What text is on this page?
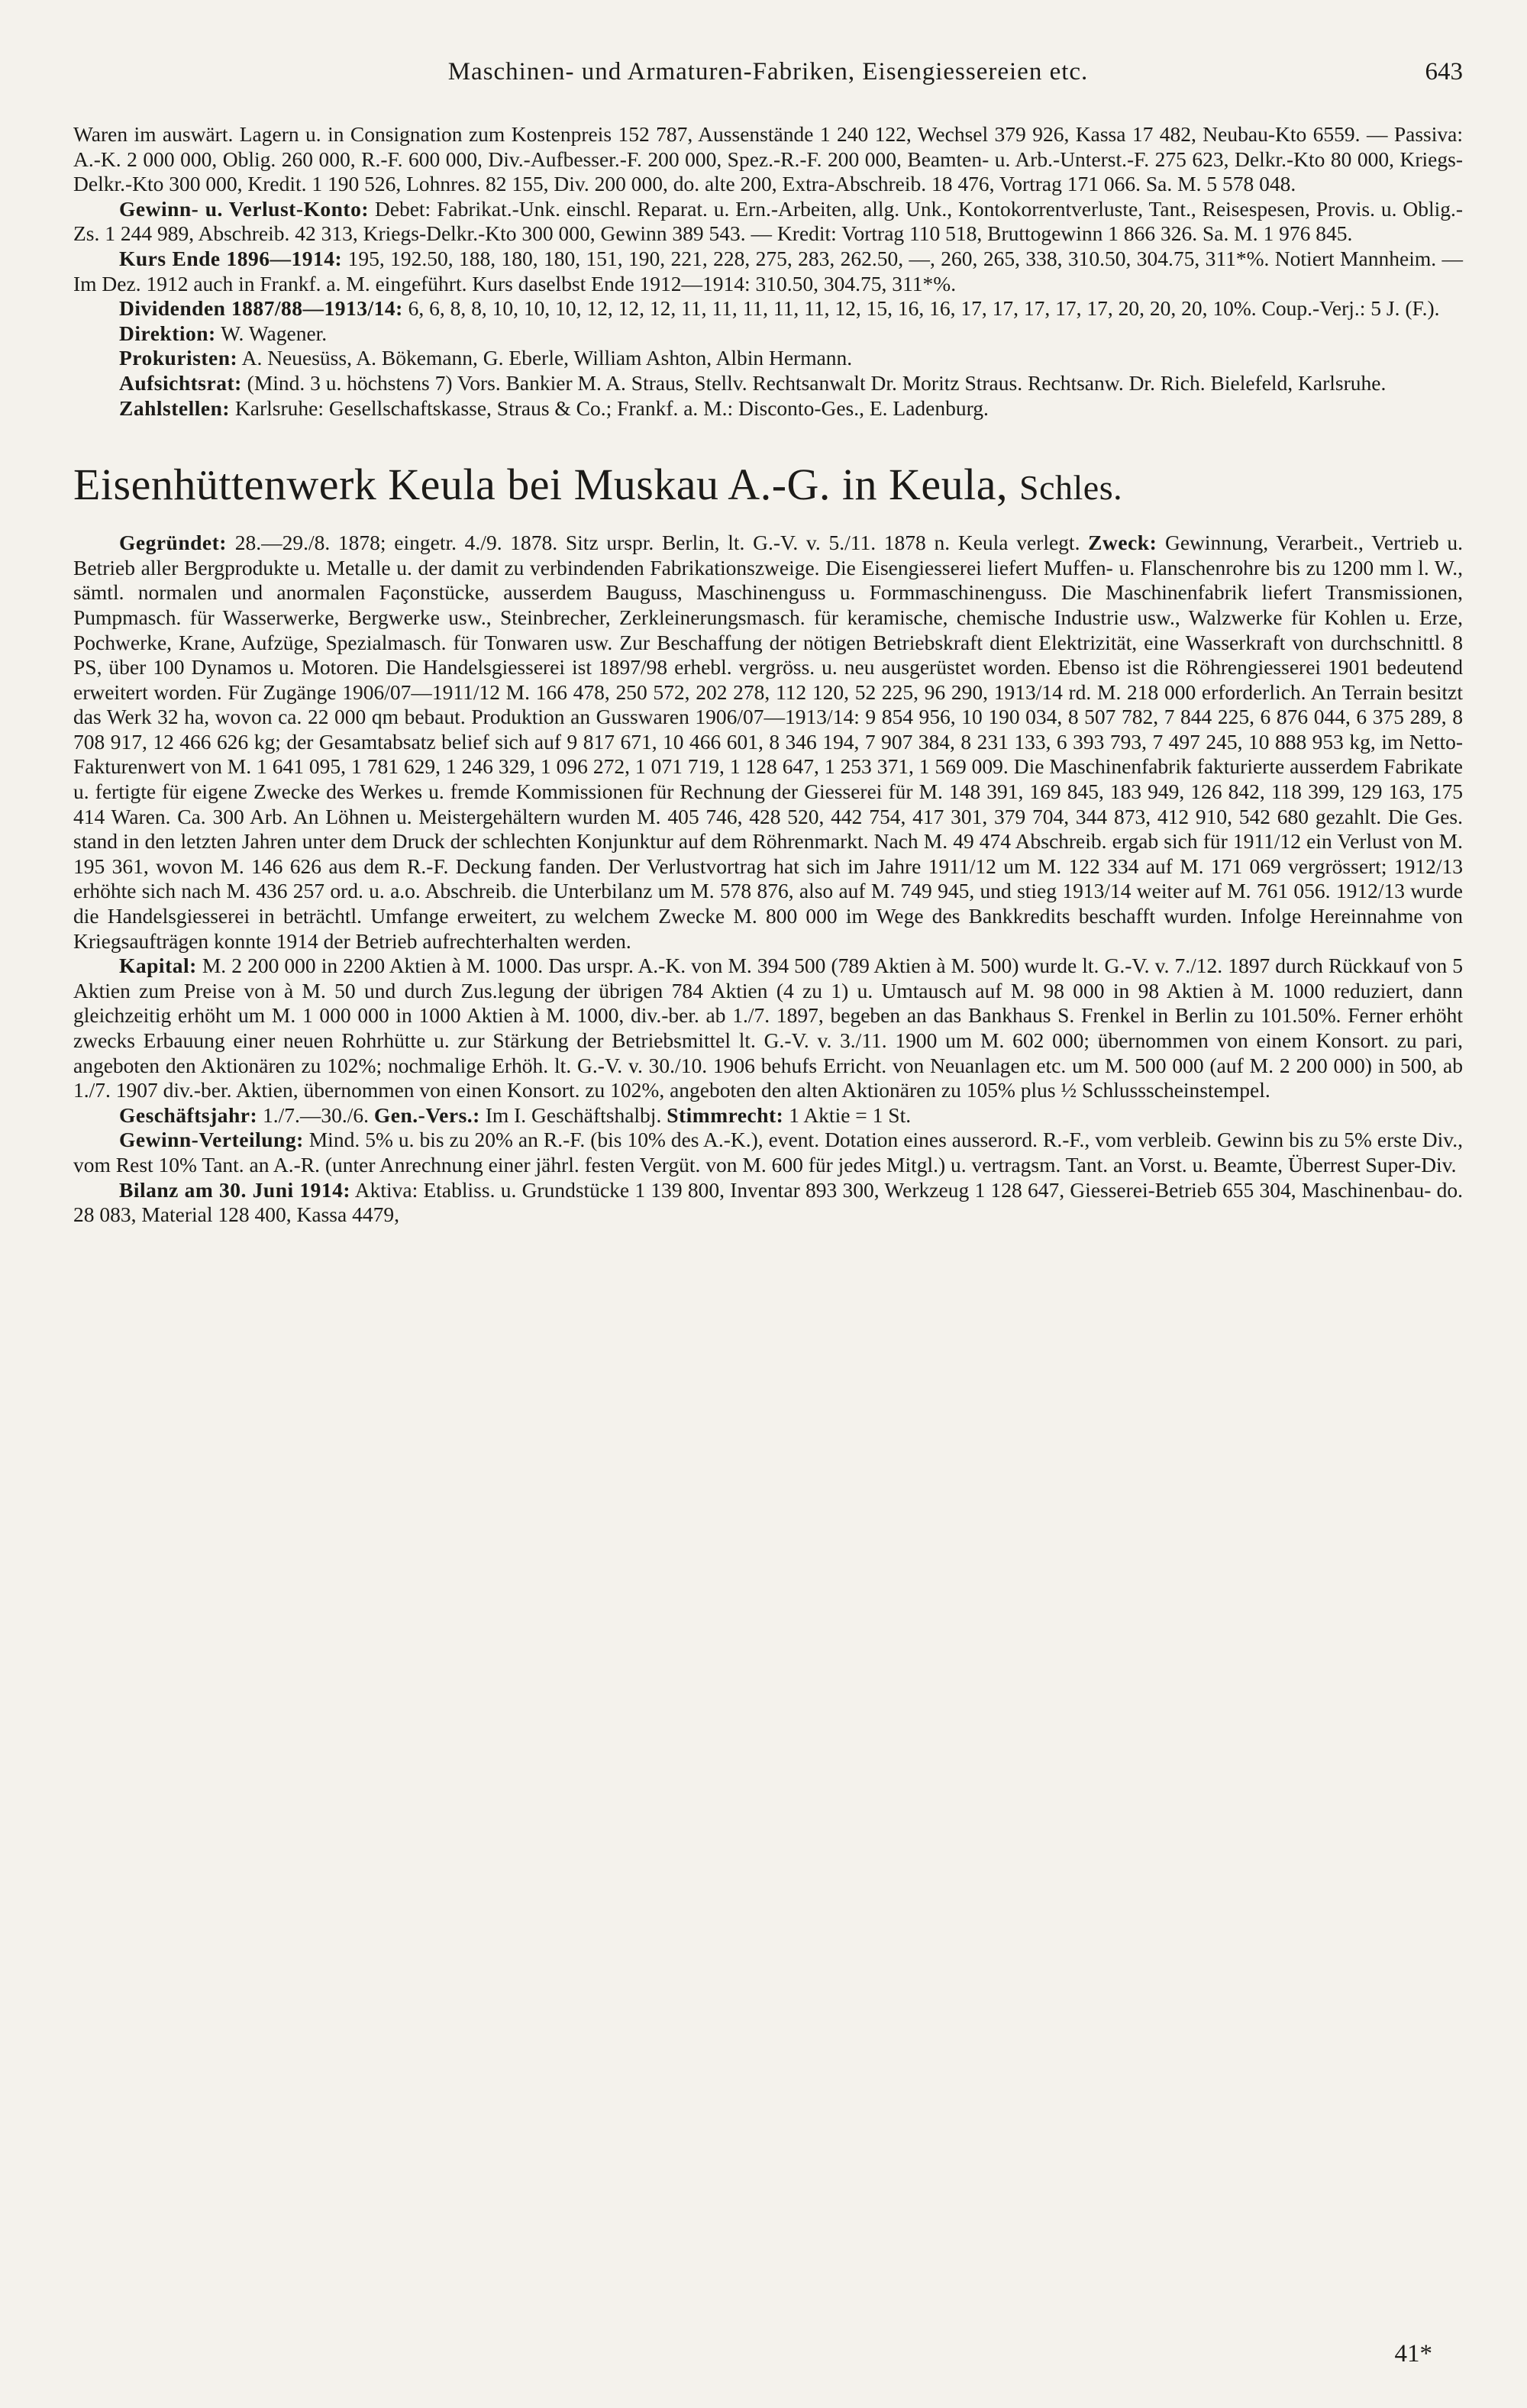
Maschinen- und Armaturen-Fabriken, Eisengiessereien etc.	643

Waren im auswärt. Lagern u. in Consignation zum Kostenpreis 152 787, Aussenstände 1 240 122, Wechsel 379 926, Kassa 17 482, Neubau-Kto 6559. — Passiva: A.-K. 2 000 000, Oblig. 260 000, R.-F. 600 000, Div.-Aufbesser.-F. 200 000, Spez.-R.-F. 200 000, Beamten- u. Arb.-Unterst.-F. 275 623, Delkr.-Kto 80 000, Kriegs-Delkr.-Kto 300 000, Kredit. 1 190 526, Lohnres. 82 155, Div. 200 000, do. alte 200, Extra-Abschreib. 18 476, Vortrag 171 066. Sa. M. 5 578 048.

Gewinn- u. Verlust-Konto: Debet: Fabrikat.-Unk. einschl. Reparat. u. Ern.-Arbeiten, allg. Unk., Kontokorrentverluste, Tant., Reisespesen, Provis. u. Oblig.-Zs. 1 244 989, Abschreib. 42 313, Kriegs-Delkr.-Kto 300 000, Gewinn 389 543. — Kredit: Vortrag 110 518, Bruttogewinn 1 866 326. Sa. M. 1 976 845.

Kurs Ende 1896—1914: 195, 192.50, 188, 180, 180, 151, 190, 221, 228, 275, 283, 262.50, —, 260, 265, 338, 310.50, 304.75, 311*%. Notiert Mannheim. — Im Dez. 1912 auch in Frankf. a. M. eingeführt. Kurs daselbst Ende 1912—1914: 310.50, 304.75, 311*%.

Dividenden 1887/88—1913/14: 6, 6, 8, 8, 10, 10, 10, 12, 12, 12, 11, 11, 11, 11, 11, 12, 15, 16, 16, 17, 17, 17, 17, 17, 20, 20, 20, 10%. Coup.-Verj.: 5 J. (F.).

Direktion: W. Wagener.

Prokuristen: A. Neuesüss, A. Bökemann, G. Eberle, William Ashton, Albin Hermann.

Aufsichtsrat: (Mind. 3 u. höchstens 7) Vors. Bankier M. A. Straus, Stellv. Rechtsanwalt Dr. Moritz Straus. Rechtsanw. Dr. Rich. Bielefeld, Karlsruhe.

Zahlstellen: Karlsruhe: Gesellschaftskasse, Straus & Co.; Frankf. a. M.: Disconto-Ges., E. Ladenburg.

Eisenhüttenwerk Keula bei Muskau A.-G. in Keula, Schles.

Gegründet: 28.—29./8. 1878; eingetr. 4./9. 1878. Sitz urspr. Berlin, lt. G.-V. v. 5./11. 1878 n. Keula verlegt. Zweck: Gewinnung, Verarbeit., Vertrieb u. Betrieb aller Bergprodukte u. Metalle u. der damit zu verbindenden Fabrikationszweige. Die Eisengiesserei liefert Muffen- u. Flanschenrohre bis zu 1200 mm l. W., sämtl. normalen und anormalen Façonstücke, ausserdem Bauguss, Maschinenguss u. Formmaschinenguss. Die Maschinenfabrik liefert Transmissionen, Pumpmasch. für Wasserwerke, Bergwerke usw., Steinbrecher, Zerkleinerungsmasch. für keramische, chemische Industrie usw., Walzwerke für Kohlen u. Erze, Pochwerke, Krane, Aufzüge, Spezialmasch. für Tonwaren usw. Zur Beschaffung der nötigen Betriebskraft dient Elektrizität, eine Wasserkraft von durchschnittl. 8 PS, über 100 Dynamos u. Motoren. Die Handelsgiesserei ist 1897/98 erhebl. vergröss. u. neu ausgerüstet worden. Ebenso ist die Röhrengiesserei 1901 bedeutend erweitert worden. Für Zugänge 1906/07—1911/12 M. 166 478, 250 572, 202 278, 112 120, 52 225, 96 290, 1913/14 rd. M. 218 000 erforderlich. An Terrain besitzt das Werk 32 ha, wovon ca. 22 000 qm bebaut. Produktion an Gusswaren 1906/07—1913/14: 9 854 956, 10 190 034, 8 507 782, 7 844 225, 6 876 044, 6 375 289, 8 708 917, 12 466 626 kg; der Gesamtabsatz belief sich auf 9 817 671, 10 466 601, 8 346 194, 7 907 384, 8 231 133, 6 393 793, 7 497 245, 10 888 953 kg, im Netto-Fakturenwert von M. 1 641 095, 1 781 629, 1 246 329, 1 096 272, 1 071 719, 1 128 647, 1 253 371, 1 569 009. Die Maschinenfabrik fakturierte ausserdem Fabrikate u. fertigte für eigene Zwecke des Werkes u. fremde Kommissionen für Rechnung der Giesserei für M. 148 391, 169 845, 183 949, 126 842, 118 399, 129 163, 175 414 Waren. Ca. 300 Arb. An Löhnen u. Meistergehältern wurden M. 405 746, 428 520, 442 754, 417 301, 379 704, 344 873, 412 910, 542 680 gezahlt. Die Ges. stand in den letzten Jahren unter dem Druck der schlechten Konjunktur auf dem Röhrenmarkt. Nach M. 49 474 Abschreib. ergab sich für 1911/12 ein Verlust von M. 195 361, wovon M. 146 626 aus dem R.-F. Deckung fanden. Der Verlustvortrag hat sich im Jahre 1911/12 um M. 122 334 auf M. 171 069 vergrössert; 1912/13 erhöhte sich nach M. 436 257 ord. u. a.o. Abschreib. die Unterbilanz um M. 578 876, also auf M. 749 945, und stieg 1913/14 weiter auf M. 761 056. 1912/13 wurde die Handelsgiesserei in beträchtl. Umfange erweitert, zu welchem Zwecke M. 800 000 im Wege des Bankkredits beschafft wurden. Infolge Hereinnahme von Kriegsaufträgen konnte 1914 der Betrieb aufrechterhalten werden.

Kapital: M. 2 200 000 in 2200 Aktien à M. 1000. Das urspr. A.-K. von M. 394 500 (789 Aktien à M. 500) wurde lt. G.-V. v. 7./12. 1897 durch Rückkauf von 5 Aktien zum Preise von à M. 50 und durch Zus.legung der übrigen 784 Aktien (4 zu 1) u. Umtausch auf M. 98 000 in 98 Aktien à M. 1000 reduziert, dann gleichzeitig erhöht um M. 1 000 000 in 1000 Aktien à M. 1000, div.-ber. ab 1./7. 1897, begeben an das Bankhaus S. Frenkel in Berlin zu 101.50%. Ferner erhöht zwecks Erbauung einer neuen Rohrhütte u. zur Stärkung der Betriebsmittel lt. G.-V. v. 3./11. 1900 um M. 602 000; übernommen von einem Konsort. zu pari, angeboten den Aktionären zu 102%; nochmalige Erhöh. lt. G.-V. v. 30./10. 1906 behufs Erricht. von Neuanlagen etc. um M. 500 000 (auf M. 2 200 000) in 500, ab 1./7. 1907 div.-ber. Aktien, übernommen von einen Konsort. zu 102%, angeboten den alten Aktionären zu 105% plus ½ Schlussscheinstempel.

Geschäftsjahr: 1./7.—30./6. Gen.-Vers.: Im I. Geschäftshalbj. Stimmrecht: 1 Aktie = 1 St.

Gewinn-Verteilung: Mind. 5% u. bis zu 20% an R.-F. (bis 10% des A.-K.), event. Dotation eines ausserord. R.-F., vom verbleib. Gewinn bis zu 5% erste Div., vom Rest 10% Tant. an A.-R. (unter Anrechnung einer jährl. festen Vergüt. von M. 600 für jedes Mitgl.) u. vertragsm. Tant. an Vorst. u. Beamte, Überrest Super-Div.

Bilanz am 30. Juni 1914: Aktiva: Etabliss. u. Grundstücke 1 139 800, Inventar 893 300, Werkzeug 1 128 647, Giesserei-Betrieb 655 304, Maschinenbau- do. 28 083, Material 128 400, Kassa 4479,

41*
